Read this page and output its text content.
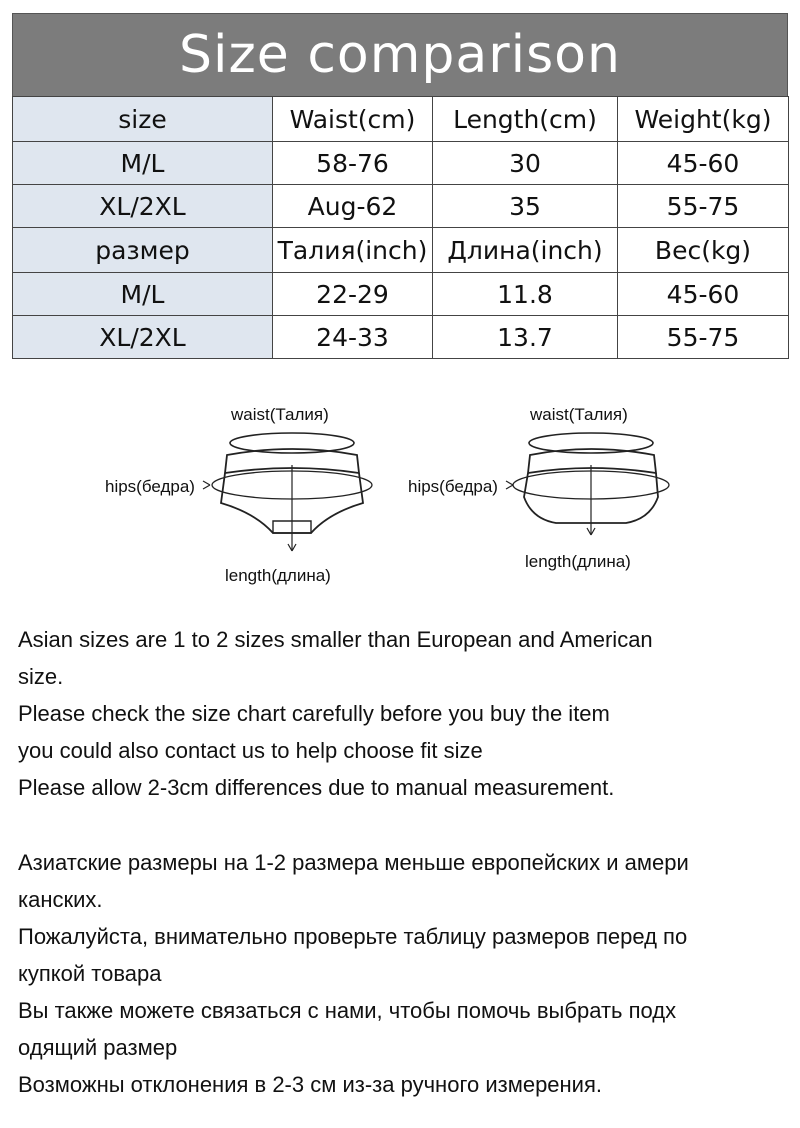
Size comparison
size	Waist(cm)	Length(cm)	Weight(kg)
M/L	58-76	30	45-60
XL/2XL	Aug-62	35	55-75
размер	Талия(inch)	Длина(inch)	Вес(kg)
M/L	22-29	11.8	45-60
XL/2XL	24-33	13.7	55-75
waist(Талия)
hips(бедра)
length(длина)
waist(Талия)
hips(бедра)
length(длина)

Asian sizes are 1 to 2 sizes smaller than European and American

size.

Please check the size chart carefully before you buy the item

you could also contact us to help choose fit size

Please allow 2-3cm differences due to manual measurement.

Азиатские размеры на 1-2 размера меньше европейских и амери

канских.

Пожалуйста, внимательно проверьте таблицу размеров перед по

купкой товара

Вы также можете связаться с нами, чтобы помочь выбрать подх

одящий размер

Возможны отклонения в 2-3 см из-за ручного измерения.
